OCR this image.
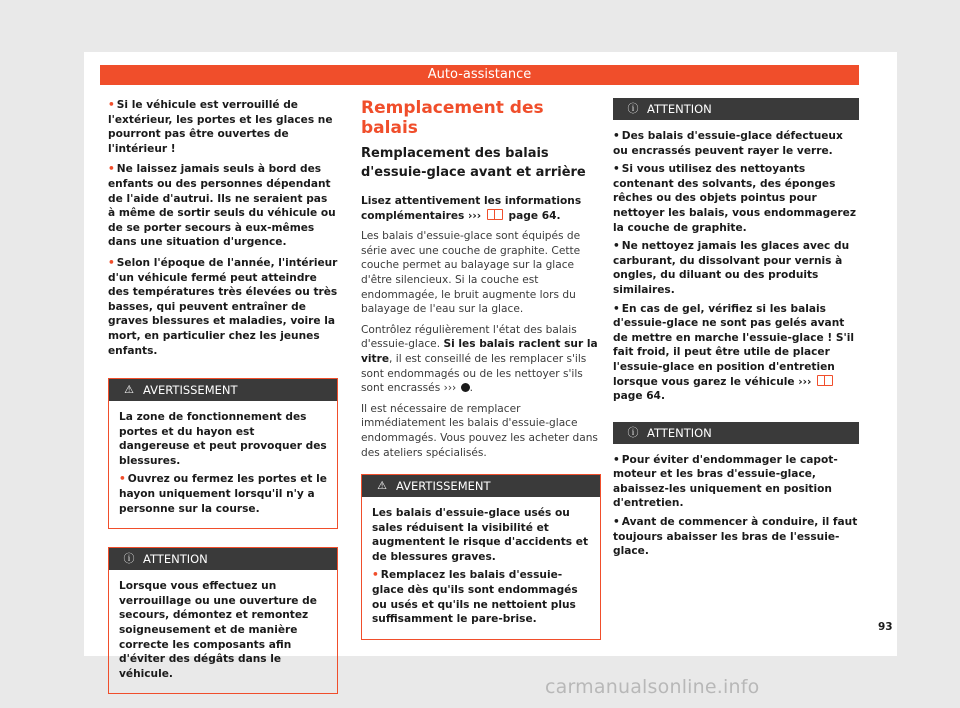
Auto-assistance

• Si le véhicule est verrouillé de l'extérieur, les portes et les glaces ne pourront pas être ouvertes de l'intérieur !

• Ne laissez jamais seuls à bord des enfants ou des personnes dépendant de l'aide d'autrui. Ils ne seraient pas à même de sortir seuls du véhicule ou de se porter secours à eux-mêmes dans une situation d'urgence.

• Selon l'époque de l'année, l'intérieur d'un véhicule fermé peut atteindre des températures très élevées ou très basses, qui peuvent entraîner de graves blessures et maladies, voire la mort, en particulier chez les jeunes enfants.

⚠ AVERTISSEMENT

La zone de fonctionnement des portes et du hayon est dangereuse et peut provoquer des blessures.

• Ouvrez ou fermez les portes et le hayon uniquement lorsqu'il n'y a personne sur la course.

ⓘ ATTENTION

Lorsque vous effectuez un verrouillage ou une ouverture de secours, démontez et remontez soigneusement et de manière correcte les composants afin d'éviter des dégâts dans le véhicule.

Remplacement des balais
Remplacement des balais d'essuie-glace avant et arrière

Lisez attentivement les informations complémentaires ›››  page 64.

Les balais d'essuie-glace sont équipés de série avec une couche de graphite. Cette couche permet au balayage sur la glace d'être silencieux. Si la couche est endommagée, le bruit augmente lors du balayage de l'eau sur la glace.

Contrôlez régulièrement l'état des balais d'essuie-glace. Si les balais raclent sur la vitre, il est conseillé de les remplacer s'ils sont endommagés ou de les nettoyer s'ils sont encrassés ››› .

Il est nécessaire de remplacer immédiatement les balais d'essuie-glace endommagés. Vous pouvez les acheter dans des ateliers spécialisés.

⚠ AVERTISSEMENT

Les balais d'essuie-glace usés ou sales réduisent la visibilité et augmentent le risque d'accidents et de blessures graves.

• Remplacez les balais d'essuie-glace dès qu'ils sont endommagés ou usés et qu'ils ne nettoient plus suffisamment le pare-brise.

ⓘ ATTENTION

• Des balais d'essuie-glace défectueux ou encrassés peuvent rayer le verre.

• Si vous utilisez des nettoyants contenant des solvants, des éponges rêches ou des objets pointus pour nettoyer les balais, vous endommagerez la couche de graphite.

• Ne nettoyez jamais les glaces avec du carburant, du dissolvant pour vernis à ongles, du diluant ou des produits similaires.

• En cas de gel, vérifiez si les balais d'essuie-glace ne sont pas gelés avant de mettre en marche l'essuie-glace ! S'il fait froid, il peut être utile de placer l'essuie-glace en position d'entretien lorsque vous garez le véhicule ›››  page 64.

ⓘ ATTENTION

• Pour éviter d'endommager le capot-moteur et les bras d'essuie-glace, abaissez-les uniquement en position d'entretien.

• Avant de commencer à conduire, il faut toujours abaisser les bras de l'essuie-glace.

93
carmanualsonline.info
